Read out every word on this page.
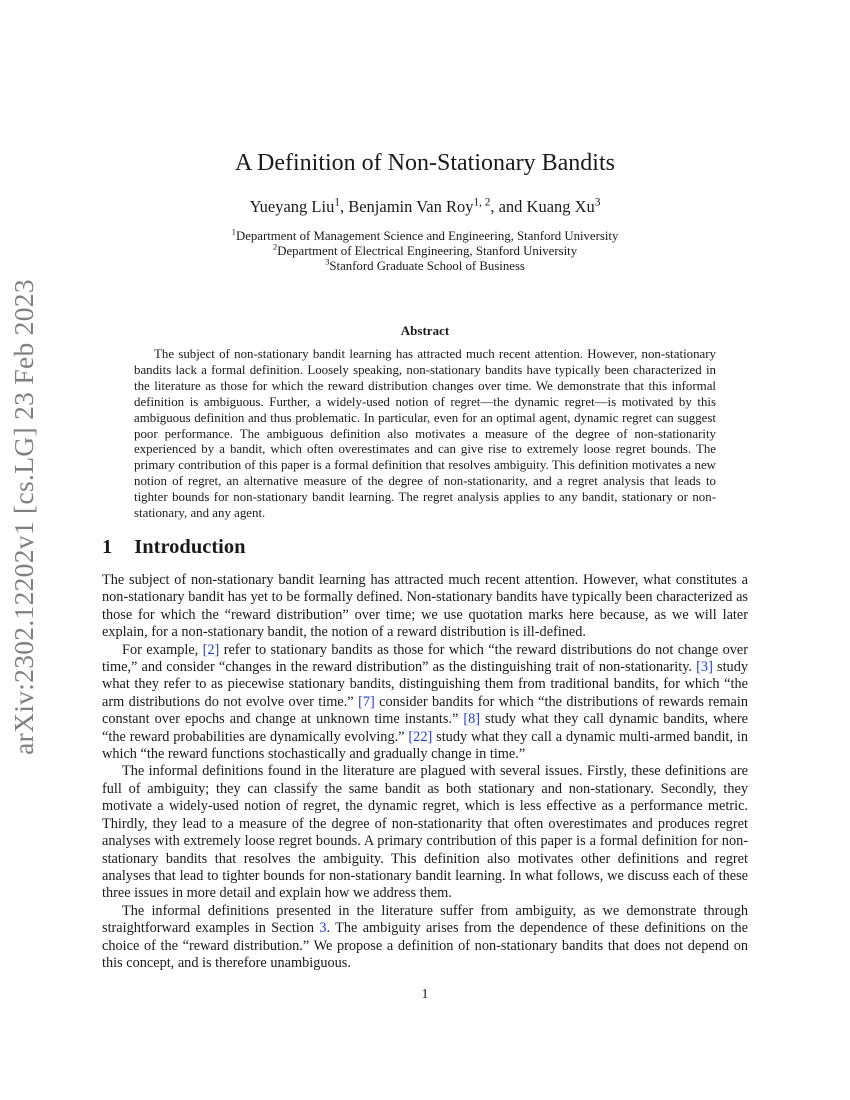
arXiv:2302.12202v1 [cs.LG] 23 Feb 2023
A Definition of Non-Stationary Bandits
Yueyang Liu$^1$, Benjamin Van Roy$^{1, 2}$, and Kuang Xu$^3$
$^1$Department of Management Science and Engineering, Stanford University
$^2$Department of Electrical Engineering, Stanford University
$^3$Stanford Graduate School of Business
Abstract

The subject of non-stationary bandit learning has attracted much recent attention. However, non-stationary bandits lack a formal definition. Loosely speaking, non-stationary bandits have typically been characterized in the literature as those for which the reward distribution changes over time. We demonstrate that this informal definition is ambiguous. Further, a widely-used notion of regret—the dynamic regret—is motivated by this ambiguous definition and thus problematic. In particular, even for an optimal agent, dynamic regret can suggest poor performance. The ambiguous definition also motivates a measure of the degree of non-stationarity experienced by a bandit, which often overestimates and can give rise to extremely loose regret bounds. The primary contribution of this paper is a formal definition that resolves ambiguity. This definition motivates a new notion of regret, an alternative measure of the degree of non-stationarity, and a regret analysis that leads to tighter bounds for non-stationary bandit learning. The regret analysis applies to any bandit, stationary or non-stationary, and any agent.

1 Introduction

The subject of non-stationary bandit learning has attracted much recent attention. However, what constitutes a non-stationary bandit has yet to be formally defined. Non-stationary bandits have typically been characterized as those for which the “reward distribution” over time; we use quotation marks here because, as we will later explain, for a non-stationary bandit, the notion of a reward distribution is ill-defined.

For example, [2] refer to stationary bandits as those for which “the reward distributions do not change over time,” and consider “changes in the reward distribution” as the distinguishing trait of non-stationarity. [3] study what they refer to as piecewise stationary bandits, distinguishing them from traditional bandits, for which “the arm distributions do not evolve over time.” [7] consider bandits for which “the distributions of rewards remain constant over epochs and change at unknown time instants.” [8] study what they call dynamic bandits, where “the reward probabilities are dynamically evolving.” [22] study what they call a dynamic multi-armed bandit, in which “the reward functions stochastically and gradually change in time.”

The informal definitions found in the literature are plagued with several issues. Firstly, these definitions are full of ambiguity; they can classify the same bandit as both stationary and non-stationary. Secondly, they motivate a widely-used notion of regret, the dynamic regret, which is less effective as a performance metric. Thirdly, they lead to a measure of the degree of non-stationarity that often overestimates and produces regret analyses with extremely loose regret bounds. A primary contribution of this paper is a formal definition for non-stationary bandits that resolves the ambiguity. This definition also motivates other definitions and regret analyses that lead to tighter bounds for non-stationary bandit learning. In what follows, we discuss each of these three issues in more detail and explain how we address them.

The informal definitions presented in the literature suffer from ambiguity, as we demonstrate through straightforward examples in Section 3. The ambiguity arises from the dependence of these definitions on the choice of the “reward distribution.” We propose a definition of non-stationary bandits that does not depend on this concept, and is therefore unambiguous.

1
